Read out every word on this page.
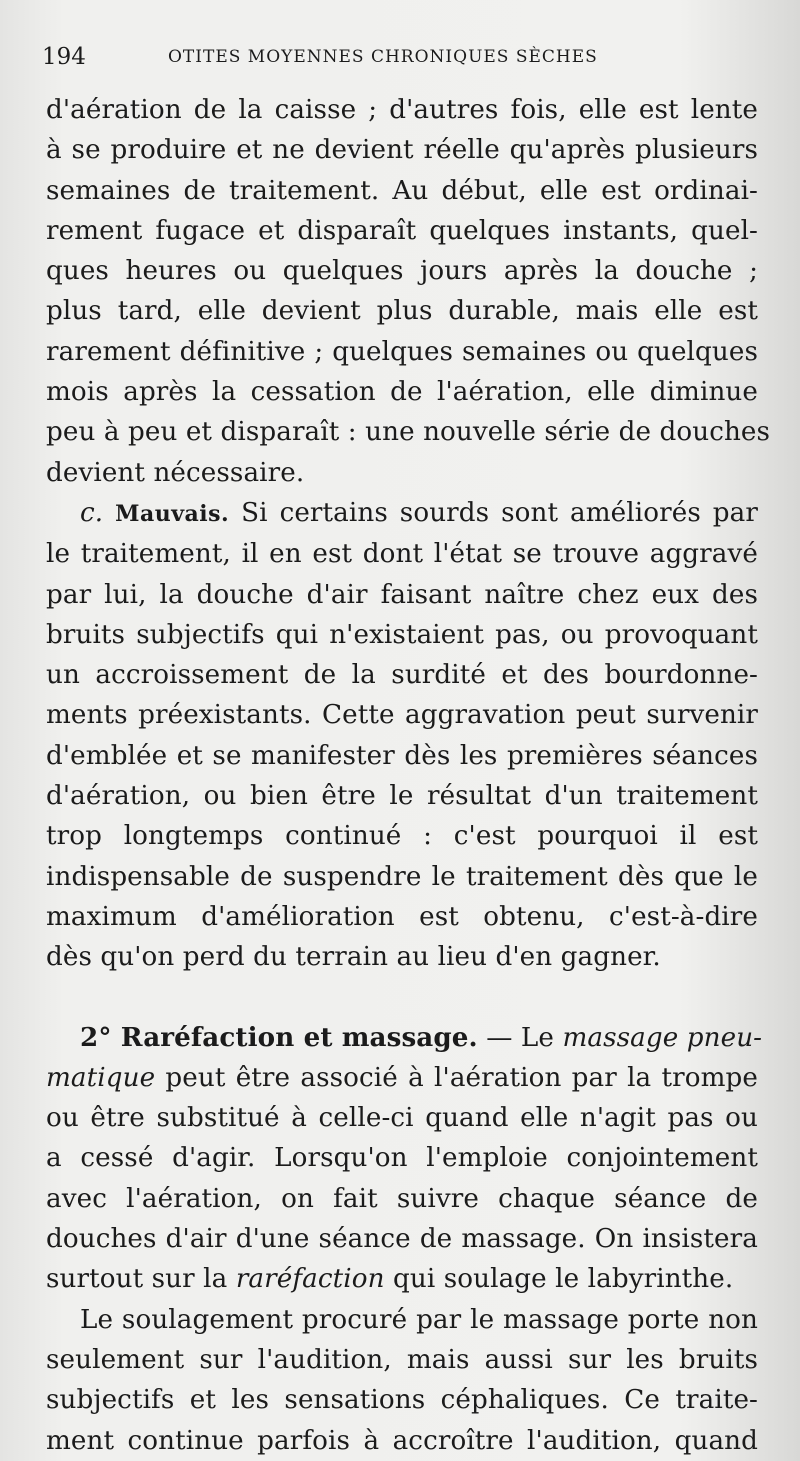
194	OTITES MOYENNES CHRONIQUES SÈCHES
d'aération de la caisse ; d'autres fois, elle est lente
à se produire et ne devient réelle qu'après plusieurs
semaines de traitement. Au début, elle est ordinai-
rement fugace et disparaît quelques instants, quel-
ques heures ou quelques jours après la douche ;
plus tard, elle devient plus durable, mais elle est
rarement définitive ; quelques semaines ou quelques
mois après la cessation de l'aération, elle diminue
peu à peu et disparaît : une nouvelle série de douches
devient nécessaire.
c. Mauvais. Si certains sourds sont améliorés par
le traitement, il en est dont l'état se trouve aggravé
par lui, la douche d'air faisant naître chez eux des
bruits subjectifs qui n'existaient pas, ou provoquant
un accroissement de la surdité et des bourdonne-
ments préexistants. Cette aggravation peut survenir
d'emblée et se manifester dès les premières séances
d'aération, ou bien être le résultat d'un traitement
trop longtemps continué : c'est pourquoi il est
indispensable de suspendre le traitement dès que le
maximum d'amélioration est obtenu, c'est-à-dire
dès qu'on perd du terrain au lieu d'en gagner.
2° Raréfaction et massage. — Le massage pneu-
matique peut être associé à l'aération par la trompe
ou être substitué à celle-ci quand elle n'agit pas ou
a cessé d'agir. Lorsqu'on l'emploie conjointement
avec l'aération, on fait suivre chaque séance de
douches d'air d'une séance de massage. On insistera
surtout sur la raréfaction qui soulage le labyrinthe.
Le soulagement procuré par le massage porte non
seulement sur l'audition, mais aussi sur les bruits
subjectifs et les sensations céphaliques. Ce traite-
ment continue parfois à accroître l'audition, quand
